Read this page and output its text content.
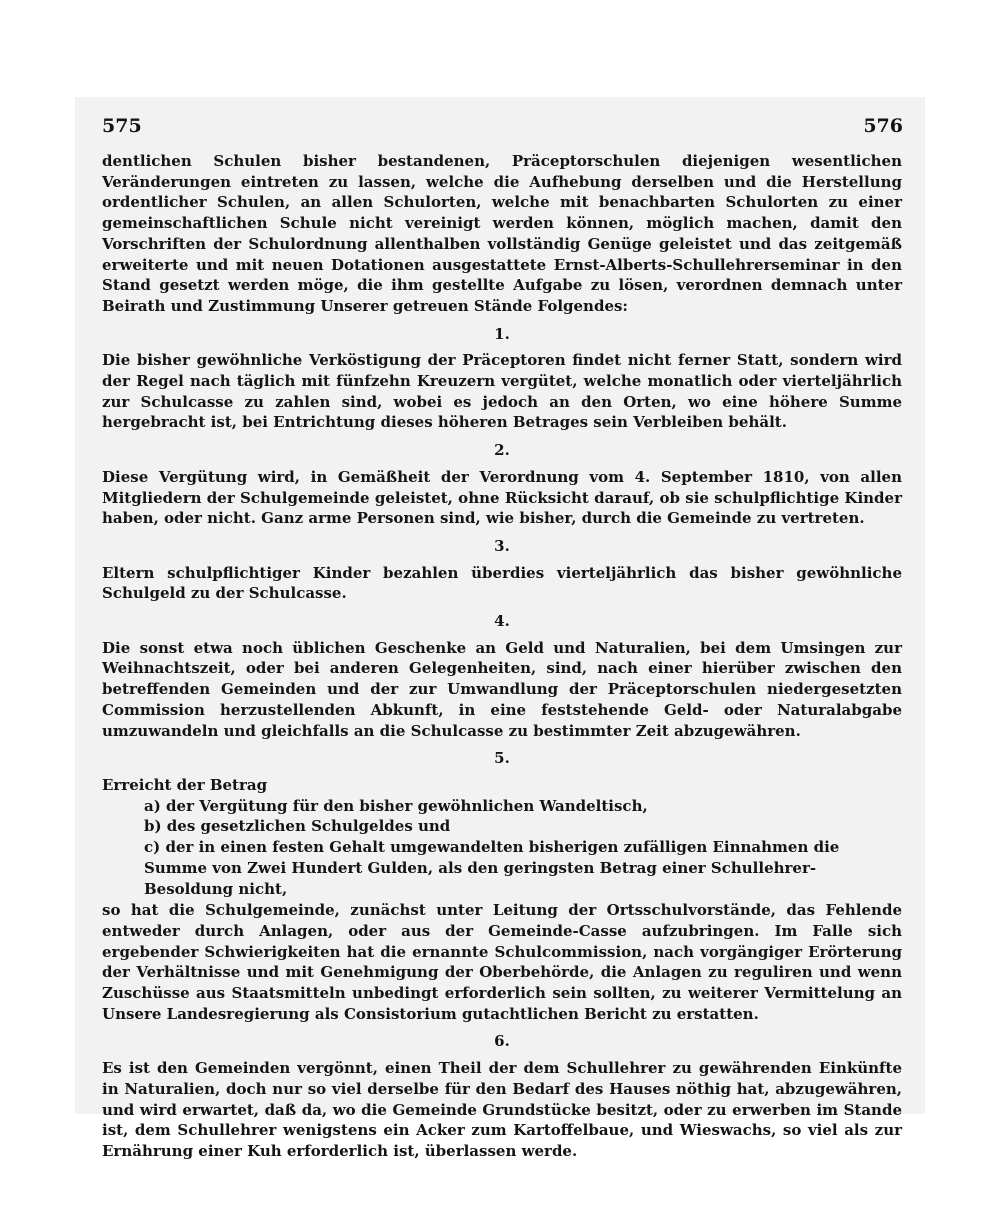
575	576

dentlichen Schulen bisher bestandenen, Präceptorschulen diejenigen wesentlichen Veränderungen eintreten zu lassen, welche die Aufhebung derselben und die Herstellung ordentlicher Schulen, an allen Schulorten, welche mit benachbarten Schulorten zu einer gemeinschaftlichen Schule nicht vereinigt werden können, möglich machen, damit den Vorschriften der Schulordnung allenthalben vollständig Genüge geleistet und das zeitgemäß erweiterte und mit neuen Dotationen ausgestattete Ernst-Alberts-Schullehrerseminar in den Stand gesetzt werden möge, die ihm gestellte Aufgabe zu lösen, verordnen demnach unter Beirath und Zustimmung Unserer getreuen Stände Folgendes:

1.

Die bisher gewöhnliche Verköstigung der Präceptoren findet nicht ferner Statt, sondern wird der Regel nach täglich mit fünfzehn Kreuzern vergütet, welche monatlich oder vierteljährlich zur Schulcasse zu zahlen sind, wobei es jedoch an den Orten, wo eine höhere Summe hergebracht ist, bei Entrichtung dieses höheren Betrages sein Verbleiben behält.

2.

Diese Vergütung wird, in Gemäßheit der Verordnung vom 4. September 1810, von allen Mitgliedern der Schulgemeinde geleistet, ohne Rücksicht darauf, ob sie schulpflichtige Kinder haben, oder nicht. Ganz arme Personen sind, wie bisher, durch die Gemeinde zu vertreten.

3.

Eltern schulpflichtiger Kinder bezahlen überdies vierteljährlich das bisher gewöhnliche Schulgeld zu der Schulcasse.

4.

Die sonst etwa noch üblichen Geschenke an Geld und Naturalien, bei dem Umsingen zur Weihnachtszeit, oder bei anderen Gelegenheiten, sind, nach einer hierüber zwischen den betreffenden Gemeinden und der zur Umwandlung der Präceptorschulen niedergesetzten Commission herzustellenden Abkunft, in eine feststehende Geld- oder Naturalabgabe umzuwandeln und gleichfalls an die Schulcasse zu bestimmter Zeit abzugewähren.

5.

Erreicht der Betrag

a) der Vergütung für den bisher gewöhnlichen Wandeltisch,
b) des gesetzlichen Schulgeldes und
c) der in einen festen Gehalt umgewandelten bisherigen zufälligen Einnahmen die Summe von Zwei Hundert Gulden, als den geringsten Betrag einer Schullehrer-Besoldung nicht,

so hat die Schulgemeinde, zunächst unter Leitung der Ortsschulvorstände, das Fehlende entweder durch Anlagen, oder aus der Gemeinde-Casse aufzubringen. Im Falle sich ergebender Schwierigkeiten hat die ernannte Schulcommission, nach vorgängiger Erörterung der Verhältnisse und mit Genehmigung der Oberbehörde, die Anlagen zu reguliren und wenn Zuschüsse aus Staatsmitteln unbedingt erforderlich sein sollten, zu weiterer Vermittelung an Unsere Landesregierung als Consistorium gutachtlichen Bericht zu erstatten.

6.

Es ist den Gemeinden vergönnt, einen Theil der dem Schullehrer zu gewährenden Einkünfte in Naturalien, doch nur so viel derselbe für den Bedarf des Hauses nöthig hat, abzugewähren, und wird erwartet, daß da, wo die Gemeinde Grundstücke besitzt, oder zu erwerben im Stande ist, dem Schullehrer wenigstens ein Acker zum Kartoffelbaue, und Wieswachs, so viel als zur Ernährung einer Kuh erforderlich ist, überlassen werde.
